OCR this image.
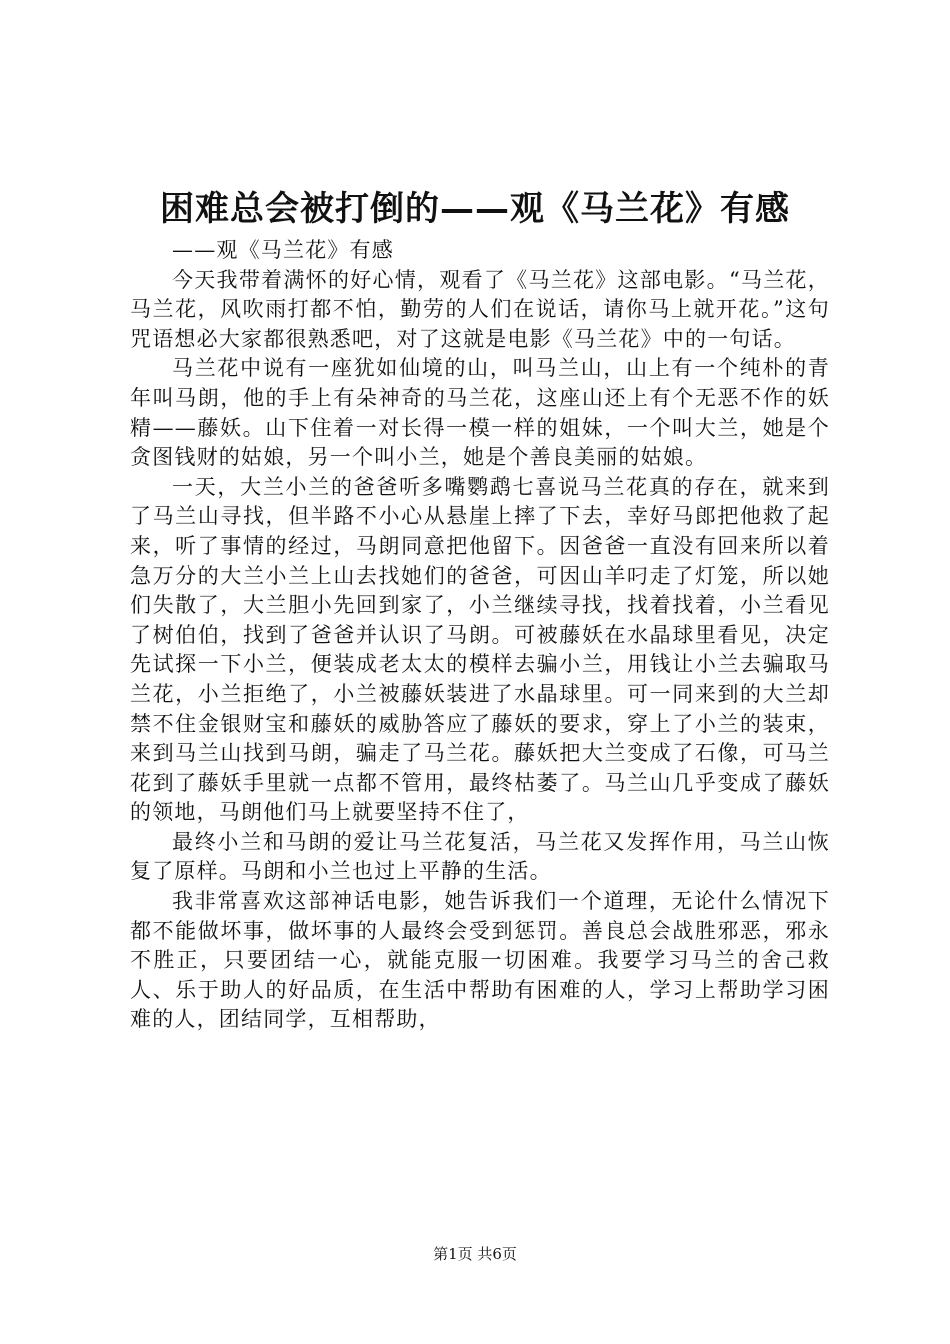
困难总会被打倒的——观《马兰花》有感

——观《马兰花》有感

今天我带着满怀的好心情，观看了《马兰花》这部电影。“马兰花，马兰花，风吹雨打都不怕，勤劳的人们在说话，请你马上就开花。”这句咒语想必大家都很熟悉吧，对了这就是电影《马兰花》中的一句话。

马兰花中说有一座犹如仙境的山，叫马兰山，山上有一个纯朴的青年叫马朗，他的手上有朵神奇的马兰花，这座山还上有个无恶不作的妖精——藤妖。山下住着一对长得一模一样的姐妹，一个叫大兰，她是个贪图钱财的姑娘，另一个叫小兰，她是个善良美丽的姑娘。

一天，大兰小兰的爸爸听多嘴鹦鹉七喜说马兰花真的存在，就来到了马兰山寻找，但半路不小心从悬崖上摔了下去，幸好马郎把他救了起来，听了事情的经过，马朗同意把他留下。因爸爸一直没有回来所以着急万分的大兰小兰上山去找她们的爸爸，可因山羊叼走了灯笼，所以她们失散了，大兰胆小先回到家了，小兰继续寻找，找着找着，小兰看见了树伯伯，找到了爸爸并认识了马朗。可被藤妖在水晶球里看见，决定先试探一下小兰，便装成老太太的模样去骗小兰，用钱让小兰去骗取马兰花，小兰拒绝了，小兰被藤妖装进了水晶球里。可一同来到的大兰却禁不住金银财宝和藤妖的威胁答应了藤妖的要求，穿上了小兰的装束，来到马兰山找到马朗，骗走了马兰花。藤妖把大兰变成了石像，可马兰花到了藤妖手里就一点都不管用，最终枯萎了。马兰山几乎变成了藤妖的领地，马朗他们马上就要坚持不住了，

最终小兰和马朗的爱让马兰花复活，马兰花又发挥作用，马兰山恢复了原样。马朗和小兰也过上平静的生活。

我非常喜欢这部神话电影，她告诉我们一个道理，无论什么情况下都不能做坏事，做坏事的人最终会受到惩罚。善良总会战胜邪恶，邪永不胜正，只要团结一心，就能克服一切困难。我要学习马兰的舍己救人、乐于助人的好品质，在生活中帮助有困难的人，学习上帮助学习困难的人，团结同学，互相帮助，

第1页 共6页
